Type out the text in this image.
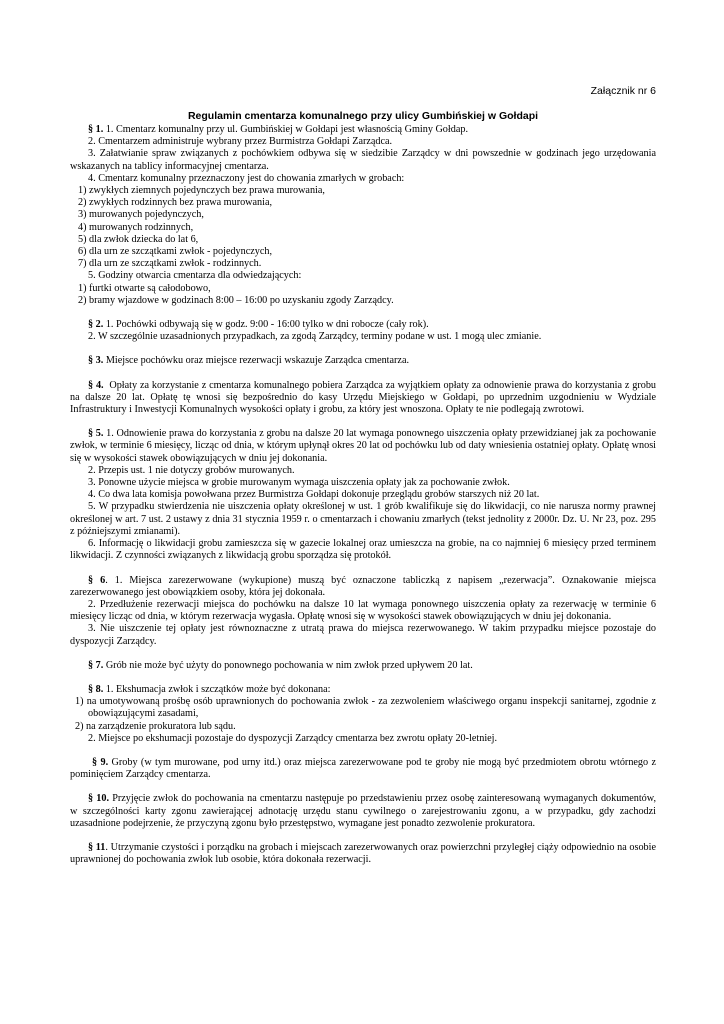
Załącznik nr 6
Regulamin cmentarza komunalnego przy ulicy Gumbińskiej w Gołdapi

§ 1. 1. Cmentarz komunalny przy ul. Gumbińskiej w Gołdapi jest własnością Gminy Gołdap.

2. Cmentarzem administruje wybrany przez Burmistrza Gołdapi Zarządca.

3. Załatwianie spraw związanych z pochówkiem odbywa się w siedzibie Zarządcy w dni powszednie w godzinach jego urzędowania wskazanych na tablicy informacyjnej cmentarza.

4. Cmentarz komunalny przeznaczony jest do chowania zmarłych w grobach:

1) zwykłych ziemnych pojedynczych bez prawa murowania,

2) zwykłych rodzinnych bez prawa murowania,

3) murowanych pojedynczych,

4) murowanych rodzinnych,

5) dla zwłok dziecka do lat 6,

6) dla urn ze szczątkami zwłok - pojedynczych,

7) dla urn ze szczątkami zwłok - rodzinnych.

5. Godziny otwarcia cmentarza dla odwiedzających:

1) furtki otwarte są całodobowo,

2) bramy wjazdowe w godzinach 8:00 – 16:00 po uzyskaniu zgody Zarządcy.

§ 2. 1. Pochówki odbywają się w godz. 9:00 - 16:00 tylko w dni robocze (cały rok).

2. W szczególnie uzasadnionych przypadkach, za zgodą Zarządcy, terminy podane w ust. 1 mogą ulec zmianie.

§ 3. Miejsce pochówku oraz miejsce rezerwacji wskazuje Zarządca cmentarza.

§ 4. Opłaty za korzystanie z cmentarza komunalnego pobiera Zarządca za wyjątkiem opłaty za odnowienie prawa do korzystania z grobu na dalsze 20 lat. Opłatę tę wnosi się bezpośrednio do kasy Urzędu Miejskiego w Gołdapi, po uprzednim uzgodnieniu w Wydziale Infrastruktury i Inwestycji Komunalnych wysokości opłaty i grobu, za który jest wnoszona. Opłaty te nie podlegają zwrotowi.

§ 5. 1. Odnowienie prawa do korzystania z grobu na dalsze 20 lat wymaga ponownego uiszczenia opłaty przewidzianej jak za pochowanie zwłok, w terminie 6 miesięcy, licząc od dnia, w którym upłynął okres 20 lat od pochówku lub od daty wniesienia ostatniej opłaty. Opłatę wnosi się w wysokości stawek obowiązujących w dniu jej dokonania.

2. Przepis ust. 1 nie dotyczy grobów murowanych.

3. Ponowne użycie miejsca w grobie murowanym wymaga uiszczenia opłaty jak za pochowanie zwłok.

4. Co dwa lata komisja powołwana przez Burmistrza Gołdapi dokonuje przeglądu grobów starszych niż 20 lat.

5. W przypadku stwierdzenia nie uiszczenia opłaty określonej w ust. 1 grób kwalifikuje się do likwidacji, co nie narusza normy prawnej określonej w art. 7 ust. 2 ustawy z dnia 31 stycznia 1959 r. o cmentarzach i chowaniu zmarłych (tekst jednolity z 2000r. Dz. U. Nr 23, poz. 295 z późniejszymi zmianami).

6. Informację o likwidacji grobu zamieszcza się w gazecie lokalnej oraz umieszcza na grobie, na co najmniej 6 miesięcy przed terminem likwidacji. Z czynności związanych z likwidacją grobu sporządza się protokół.

§ 6. 1. Miejsca zarezerwowane (wykupione) muszą być oznaczone tabliczką z napisem „rezerwacja”. Oznakowanie miejsca zarezerwowanego jest obowiązkiem osoby, która jej dokonała.

2. Przedłużenie rezerwacji miejsca do pochówku na dalsze 10 lat wymaga ponownego uiszczenia opłaty za rezerwację w terminie 6 miesięcy licząc od dnia, w którym rezerwacja wygasła. Opłatę wnosi się w wysokości stawek obowiązujących w dniu jej dokonania.

3. Nie uiszczenie tej opłaty jest równoznaczne z utratą prawa do miejsca rezerwowanego. W takim przypadku miejsce pozostaje do dyspozycji Zarządcy.

§ 7. Grób nie może być użyty do ponownego pochowania w nim zwłok przed upływem 20 lat.

§ 8. 1. Ekshumacja zwłok i szczątków może być dokonana:

1) na umotywowaną prośbę osób uprawnionych do pochowania zwłok - za zezwoleniem właściwego organu inspekcji sanitarnej, zgodnie z obowiązującymi zasadami,

2) na zarządzenie prokuratora lub sądu.

2. Miejsce po ekshumacji pozostaje do dyspozycji Zarządcy cmentarza bez zwrotu opłaty 20-letniej.

§ 9. Groby (w tym murowane, pod urny itd.) oraz miejsca zarezerwowane pod te groby nie mogą być przedmiotem obrotu wtórnego z pominięciem Zarządcy cmentarza.

§ 10. Przyjęcie zwłok do pochowania na cmentarzu następuje po przedstawieniu przez osobę zainteresowaną wymaganych dokumentów, w szczególności karty zgonu zawierającej adnotację urzędu stanu cywilnego o zarejestrowaniu zgonu, a w przypadku, gdy zachodzi uzasadnione podejrzenie, że przyczyną zgonu było przestępstwo, wymagane jest ponadto zezwolenie prokuratora.

§ 11. Utrzymanie czystości i porządku na grobach i miejscach zarezerwowanych oraz powierzchni przyległej ciąży odpowiednio na osobie uprawnionej do pochowania zwłok lub osobie, która dokonała rezerwacji.
